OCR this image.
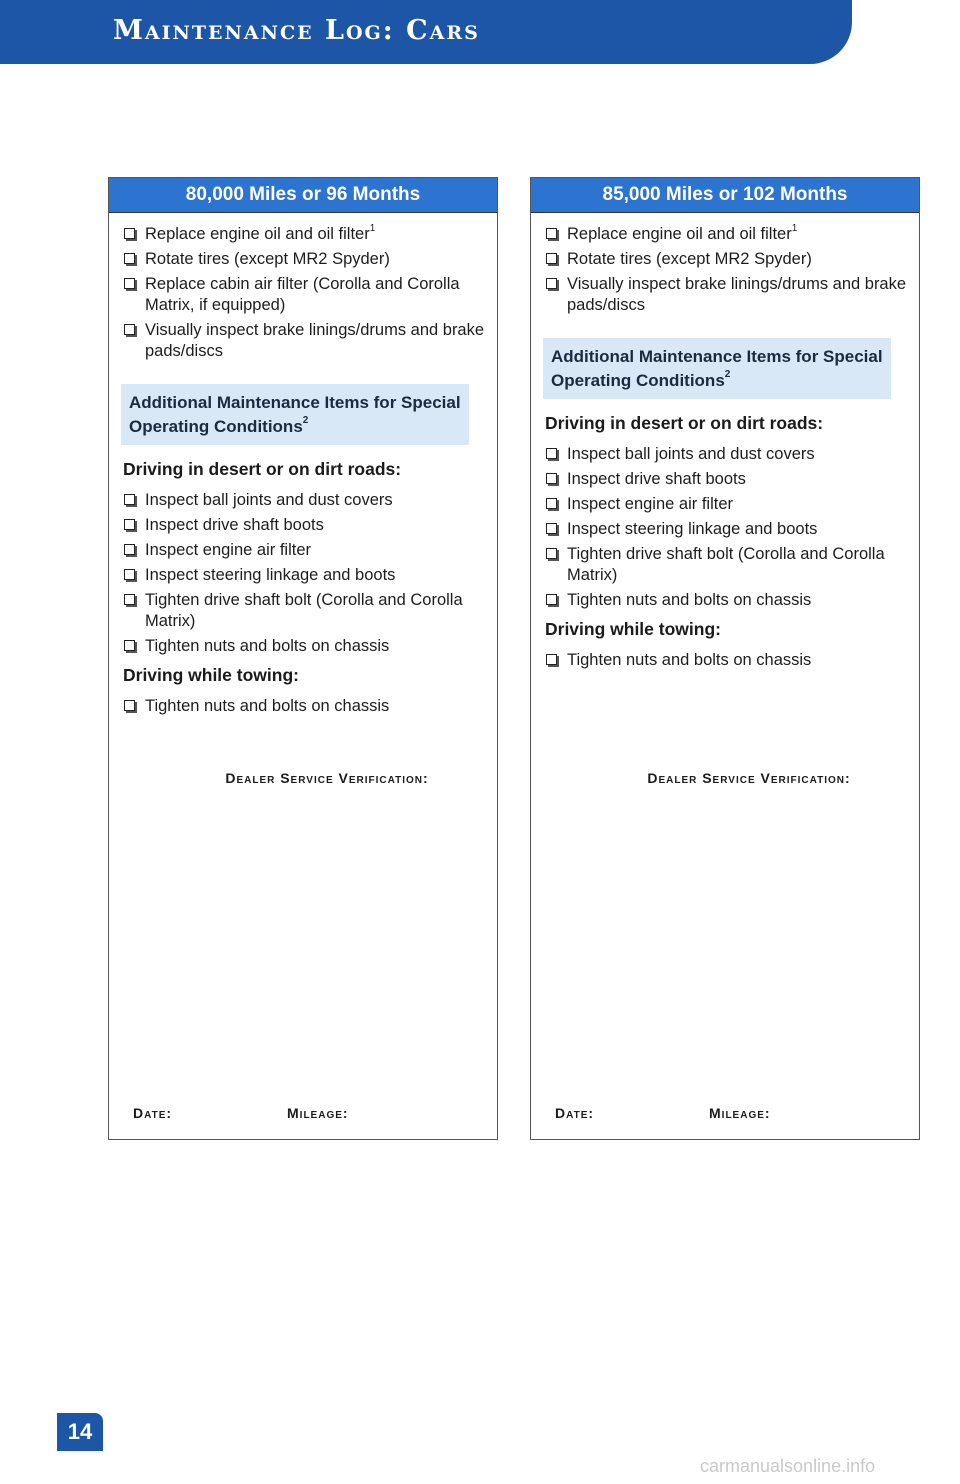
Maintenance Log: Cars
80,000 Miles or 96 Months
Replace engine oil and oil filter$^1$
Rotate tires (except MR2 Spyder)
Replace cabin air filter (Corolla and Corolla Matrix, if equipped)
Visually inspect brake linings/drums and brake pads/discs
Additional Maintenance Items for Special Operating Conditions$^2$
Driving in desert or on dirt roads:
Inspect ball joints and dust covers
Inspect drive shaft boots
Inspect engine air filter
Inspect steering linkage and boots
Tighten drive shaft bolt (Corolla and Corolla Matrix)
Tighten nuts and bolts on chassis
Driving while towing:
Tighten nuts and bolts on chassis
Dealer Service Verification:
Date:	Mileage:
85,000 Miles or 102 Months
Replace engine oil and oil filter$^1$
Rotate tires (except MR2 Spyder)
Visually inspect brake linings/drums and brake pads/discs
Additional Maintenance Items for Special Operating Conditions$^2$
Driving in desert or on dirt roads:
Inspect ball joints and dust covers
Inspect drive shaft boots
Inspect engine air filter
Inspect steering linkage and boots
Tighten drive shaft bolt (Corolla and Corolla Matrix)
Tighten nuts and bolts on chassis
Driving while towing:
Tighten nuts and bolts on chassis
Dealer Service Verification:
Date:	Mileage:
14
carmanualsonline.info
